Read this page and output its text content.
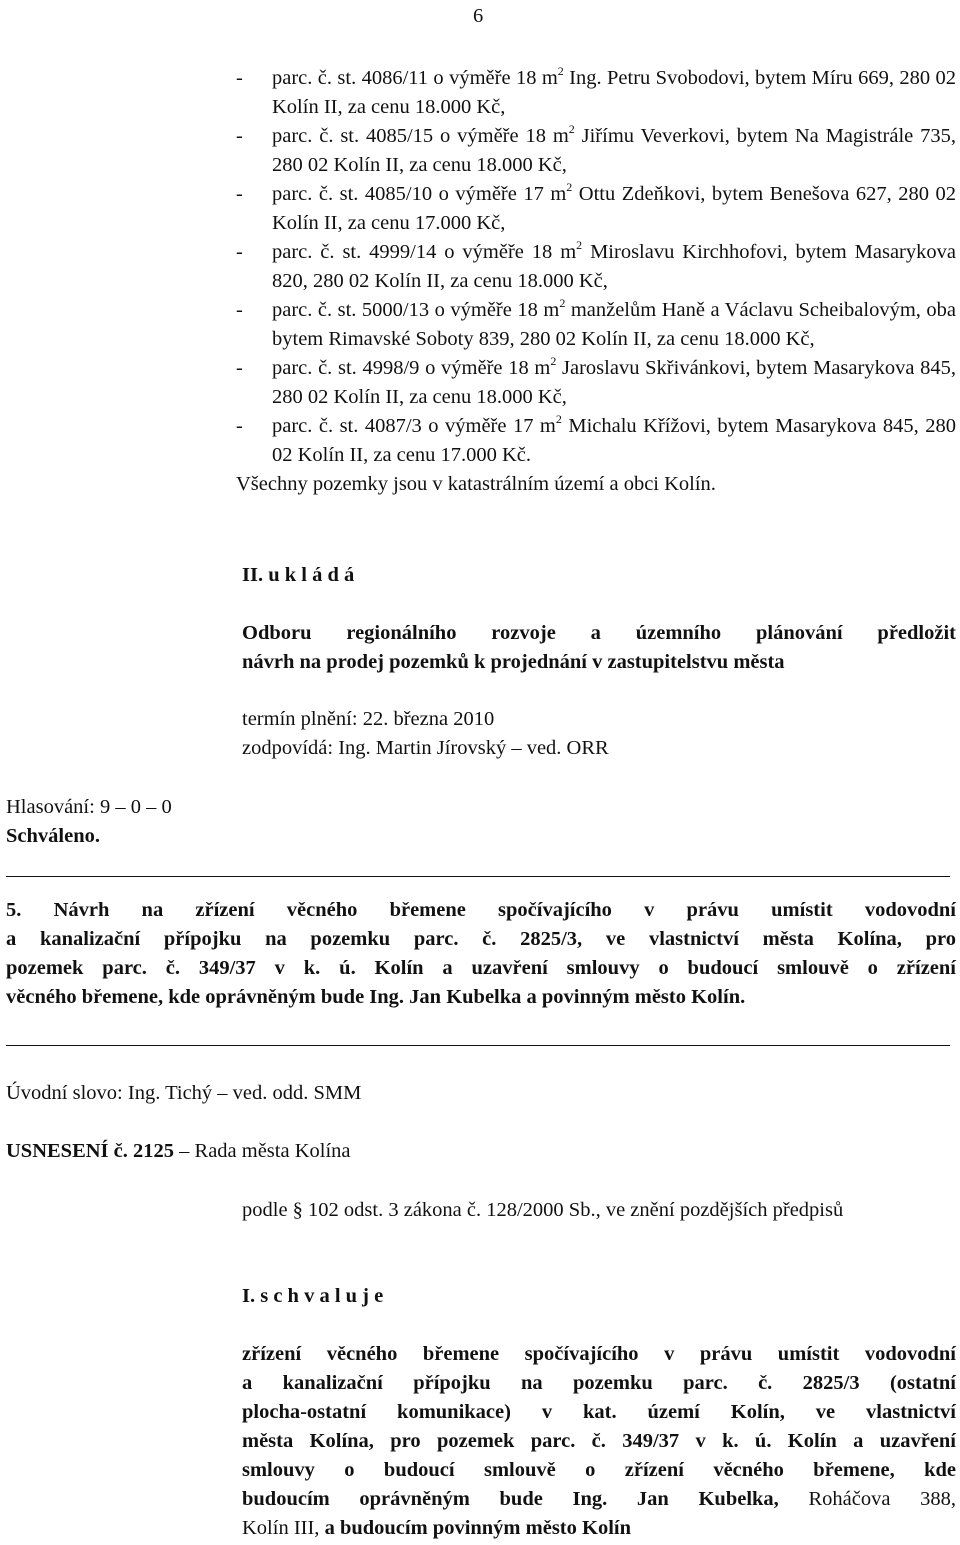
6
- parc. č. st. 4086/11 o výměře 18 $m^2$ Ing. Petru Svobodovi, bytem Míru 669, 280 02 Kolín II, za cenu 18.000 Kč,
- parc. č. st. 4085/15 o výměře 18 $m^2$ Jiřímu Veverkovi, bytem Na Magistrále 735, 280 02 Kolín II, za cenu 18.000 Kč,
- parc. č. st. 4085/10 o výměře 17 $m^2$ Ottu Zdeňkovi, bytem Benešova 627, 280 02 Kolín II, za cenu 17.000 Kč,
- parc. č. st. 4999/14 o výměře 18 $m^2$ Miroslavu Kirchhofovi, bytem Masarykova 820, 280 02 Kolín II, za cenu 18.000 Kč,
- parc. č. st. 5000/13 o výměře 18 $m^2$ manželům Haně a Václavu Scheibalovým, oba bytem Rimavské Soboty 839, 280 02 Kolín II, za cenu 18.000 Kč,
- parc. č. st. 4998/9 o výměře 18 $m^2$ Jaroslavu Skřivánkovi, bytem Masarykova 845, 280 02 Kolín II, za cenu 18.000 Kč,
- parc. č. st. 4087/3 o výměře 17 $m^2$ Michalu Křížovi, bytem Masarykova 845, 280 02 Kolín II, za cenu 17.000 Kč.

Všechny pozemky jsou v katastrálním území a obci Kolín.

II. u k l á d á
Odboru regionálního rozvoje a územního plánování předložit
návrh na prodej pozemků k projednání v zastupitelstvu města
termín plnění: 22. března 2010
zodpovídá: Ing. Martin Jírovský – ved. ORR
Hlasování: 9 – 0 – 0
Schváleno.
5. Návrh na zřízení věcného břemene spočívajícího v právu umístit vodovodní
a kanalizační přípojku na pozemku parc. č. 2825/3, ve vlastnictví města Kolína, pro
pozemek parc. č. 349/37 v k. ú. Kolín a uzavření smlouvy o budoucí smlouvě o zřízení
věcného břemene, kde oprávněným bude Ing. Jan Kubelka a povinným město Kolín.
Úvodní slovo: Ing. Tichý – ved. odd. SMM
USNESENÍ č. 2125 – Rada města Kolína
podle § 102 odst. 3 zákona č. 128/2000 Sb., ve znění pozdějších předpisů
I. s c h v a l u j e
zřízení věcného břemene spočívajícího v právu umístit vodovodní
a kanalizační přípojku na pozemku parc. č. 2825/3 (ostatní
plocha-ostatní komunikace) v kat. území Kolín, ve vlastnictví
města Kolína, pro pozemek parc. č. 349/37 v k. ú. Kolín a uzavření
smlouvy o budoucí smlouvě o zřízení věcného břemene, kde
budoucím oprávněným bude Ing. Jan Kubelka, Roháčova 388,
Kolín III, a budoucím povinným město Kolín
